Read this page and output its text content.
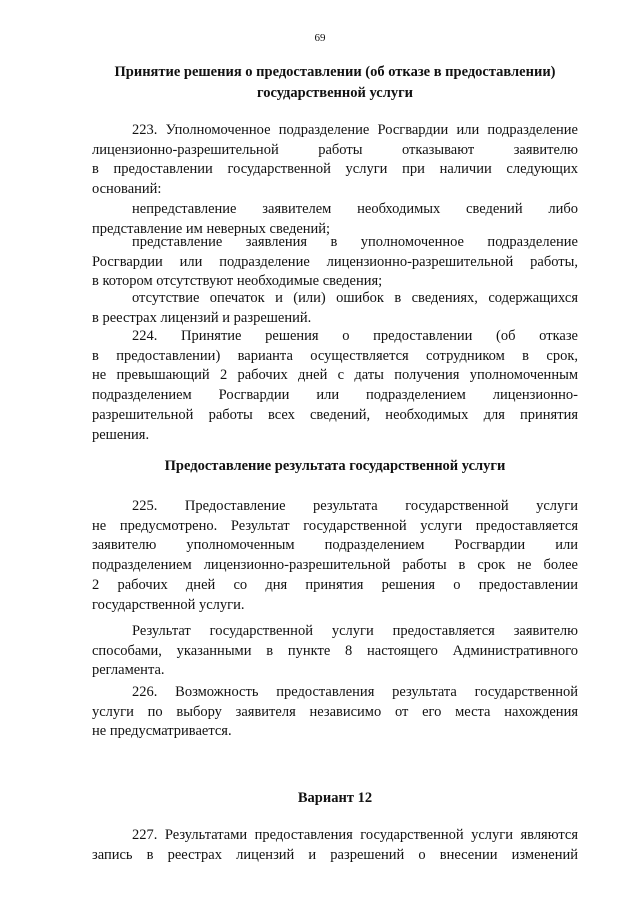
69
Принятие решения о предоставлении (об отказе в предоставлении)
государственной услуги
223. Уполномоченное подразделение Росгвардии или подразделение
лицензионно-разрешительной работы отказывают заявителю
в предоставлении государственной услуги при наличии следующих
оснований:
непредставление заявителем необходимых сведений либо
представление им неверных сведений;
представление заявления в уполномоченное подразделение
Росгвардии или подразделение лицензионно-разрешительной работы,
в котором отсутствуют необходимые сведения;
отсутствие опечаток и (или) ошибок в сведениях, содержащихся
в реестрах лицензий и разрешений.
224. Принятие решения о предоставлении (об отказе
в предоставлении) варианта осуществляется сотрудником в срок,
не превышающий 2 рабочих дней с даты получения уполномоченным
подразделением Росгвардии или подразделением лицензионно-
разрешительной работы всех сведений, необходимых для принятия
решения.
Предоставление результата государственной услуги
225. Предоставление результата государственной услуги
не предусмотрено. Результат государственной услуги предоставляется
заявителю уполномоченным подразделением Росгвардии или
подразделением лицензионно-разрешительной работы в срок не более
2 рабочих дней со дня принятия решения о предоставлении
государственной услуги.
Результат государственной услуги предоставляется заявителю
способами, указанными в пункте 8 настоящего Административного
регламента.
226. Возможность предоставления результата государственной
услуги по выбору заявителя независимо от его места нахождения
не предусматривается.
Вариант 12
227. Результатами предоставления государственной услуги являются
запись в реестрах лицензий и разрешений о внесении изменений
